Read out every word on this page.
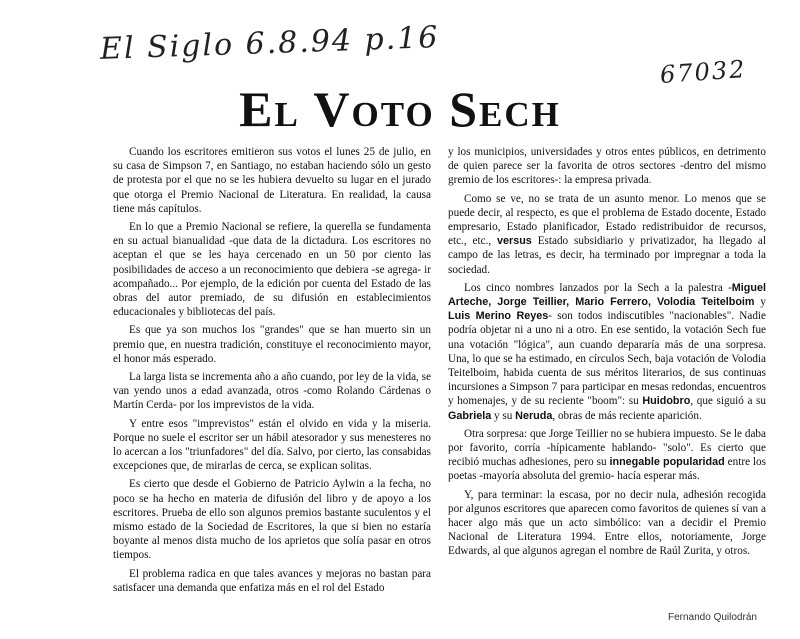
El Siglo 6.8.94 p.16
67032
El Voto Sech

Cuando los escritores emitieron sus votos el lunes 25 de julio, en su casa de Simpson 7, en Santiago, no estaban haciendo sólo un gesto de protesta por el que no se les hubiera devuelto su lugar en el jurado que otorga el Premio Nacional de Literatura. En realidad, la causa tiene más capítulos.

En lo que a Premio Nacional se refiere, la querella se fundamenta en su actual bianualidad -que data de la dictadura. Los escritores no aceptan el que se les haya cercenado en un 50 por ciento las posibilidades de acceso a un reconocimiento que debiera -se agrega- ir acompañado... Por ejemplo, de la edición por cuenta del Estado de las obras del autor premiado, de su difusión en establecimientos educacionales y bibliotecas del país.

Es que ya son muchos los "grandes" que se han muerto sin un premio que, en nuestra tradición, constituye el reconocimiento mayor, el honor más esperado.

La larga lista se incrementa año a año cuando, por ley de la vida, se van yendo unos a edad avanzada, otros -como Rolando Cárdenas o Martín Cerda- por los imprevistos de la vida.

Y entre esos "imprevistos" están el olvido en vida y la miseria. Porque no suele el escritor ser un hábil atesorador y sus menesteres no lo acercan a los "triunfadores" del día. Salvo, por cierto, las consabidas excepciones que, de mirarlas de cerca, se explican solitas.

Es cierto que desde el Gobierno de Patricio Aylwin a la fecha, no poco se ha hecho en materia de difusión del libro y de apoyo a los escritores. Prueba de ello son algunos premios bastante suculentos y el mismo estado de la Sociedad de Escritores, la que si bien no estaría boyante al menos dista mucho de los aprietos que solía pasar en otros tiempos.

El problema radica en que tales avances y mejoras no bastan para satisfacer una demanda que enfatiza más en el rol del Estado

y los municipios, universidades y otros entes públicos, en detrimento de quien parece ser la favorita de otros sectores -dentro del mismo gremio de los escritores-: la empresa privada.

Como se ve, no se trata de un asunto menor. Lo menos que se puede decir, al respecto, es que el problema de Estado docente, Estado empresario, Estado planificador, Estado redistribuidor de recursos, etc., etc., versus Estado subsidiario y privatizador, ha llegado al campo de las letras, es decir, ha terminado por impregnar a toda la sociedad.

Los cinco nombres lanzados por la Sech a la palestra -Miguel Arteche, Jorge Teillier, Mario Ferrero, Volodia Teitelboim y Luis Merino Reyes- son todos indiscutibles "nacionables". Nadie podría objetar ni a uno ni a otro. En ese sentido, la votación Sech fue una votación "lógica", aun cuando depararía más de una sorpresa. Una, lo que se ha estimado, en círculos Sech, baja votación de Volodia Teitelboim, habida cuenta de sus méritos literarios, de sus continuas incursiones a Simpson 7 para participar en mesas redondas, encuentros y homenajes, y de su reciente "boom": su Huidobro, que siguió a su Gabriela y su Neruda, obras de más reciente aparición.

Otra sorpresa: que Jorge Teillier no se hubiera impuesto. Se le daba por favorito, corría -hípicamente hablando- "solo". Es cierto que recibió muchas adhesiones, pero su innegable popularidad entre los poetas -mayoría absoluta del gremio- hacía esperar más.

Y, para terminar: la escasa, por no decir nula, adhesión recogida por algunos escritores que aparecen como favoritos de quienes sí van a hacer algo más que un acto simbólico: van a decidir el Premio Nacional de Literatura 1994. Entre ellos, notoriamente, Jorge Edwards, al que algunos agregan el nombre de Raúl Zurita, y otros.

Fernando Quilodrán
